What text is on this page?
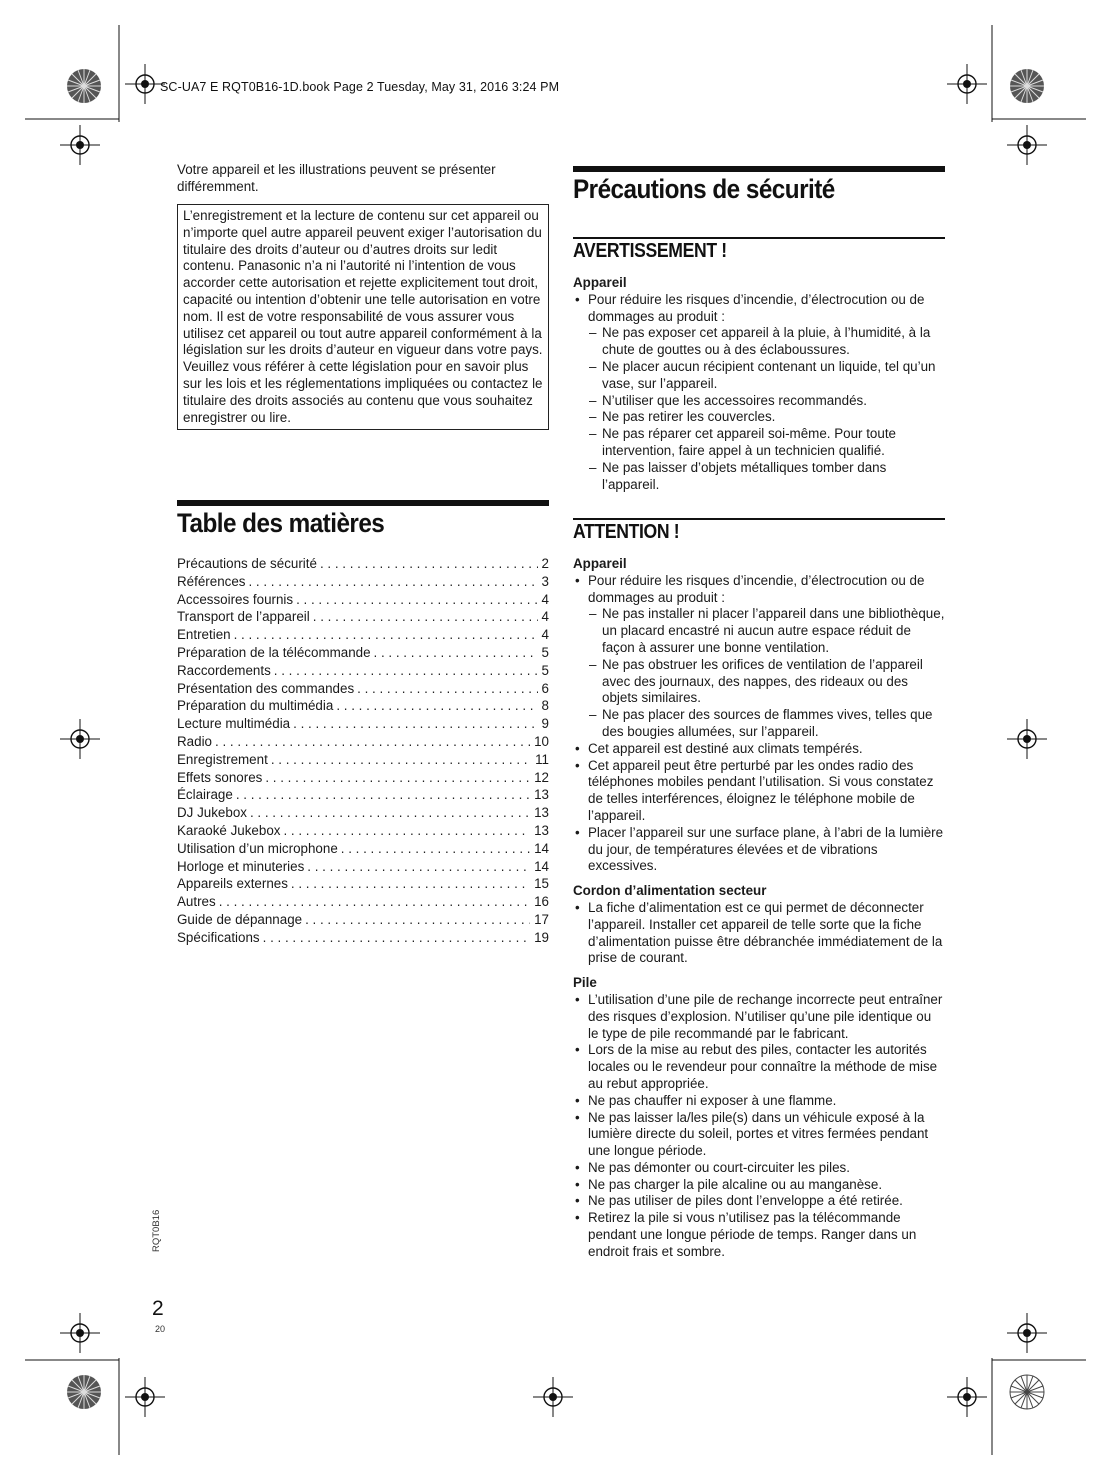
SC-UA7 E RQT0B16-1D.book Page 2 Tuesday, May 31, 2016 3:24 PM
Votre appareil et les illustrations peuvent se présenter différemment.
L’enregistrement et la lecture de contenu sur cet appareil ou n’importe quel autre appareil peuvent exiger l’autorisation du titulaire des droits d’auteur ou d’autres droits sur ledit contenu. Panasonic n’a ni l’autorité ni l’intention de vous accorder cette autorisation et rejette explicitement tout droit, capacité ou intention d’obtenir une telle autorisation en votre nom. Il est de votre responsabilité de vous assurer vous utilisez cet appareil ou tout autre appareil conformément à la législation sur les droits d’auteur en vigueur dans votre pays. Veuillez vous référer à cette législation pour en savoir plus sur les lois et les réglementations impliquées ou contactez le titulaire des droits associés au contenu que vous souhaitez enregistrer ou lire.
Table des matières
Précautions de sécurité . . .	2
Références . . .	3
Accessoires fournis . . .	4
Transport de l’appareil . . .	4
Entretien . . .	4
Préparation de la télécommande . . .	5
Raccordements . . .	5
Présentation des commandes . . .	6
Préparation du multimédia . . .	8
Lecture multimédia . . .	9
Radio . . .	10
Enregistrement . . .	11
Effets sonores . . .	12
Éclairage . . .	13
DJ Jukebox . . .	13
Karaoké Jukebox . . .	13
Utilisation d’un microphone . . .	14
Horloge et minuteries . . .	14
Appareils externes . . .	15
Autres . . .	16
Guide de dépannage . . .	17
Spécifications . . .	19
Précautions de sécurité
AVERTISSEMENT !
Appareil
• Pour réduire les risques d’incendie, d’électrocution ou de dommages au produit :
– Ne pas exposer cet appareil à la pluie, à l’humidité, à la chute de gouttes ou à des éclaboussures.
– Ne placer aucun récipient contenant un liquide, tel qu’un vase, sur l’appareil.
– N’utiliser que les accessoires recommandés.
– Ne pas retirer les couvercles.
– Ne pas réparer cet appareil soi-même. Pour toute intervention, faire appel à un technicien qualifié.
– Ne pas laisser d’objets métalliques tomber dans l’appareil.
ATTENTION !
Appareil
• Pour réduire les risques d’incendie, d’électrocution ou de dommages au produit :
– Ne pas installer ni placer l’appareil dans une bibliothèque, un placard encastré ni aucun autre espace réduit de façon à assurer une bonne ventilation.
– Ne pas obstruer les orifices de ventilation de l’appareil avec des journaux, des nappes, des rideaux ou des objets similaires.
– Ne pas placer des sources de flammes vives, telles que des bougies allumées, sur l’appareil.
• Cet appareil est destiné aux climats tempérés.
• Cet appareil peut être perturbé par les ondes radio des téléphones mobiles pendant l’utilisation. Si vous constatez de telles interférences, éloignez le téléphone mobile de l’appareil.
• Placer l’appareil sur une surface plane, à l’abri de la lumière du jour, de températures élevées et de vibrations excessives.
Cordon d’alimentation secteur
• La fiche d’alimentation est ce qui permet de déconnecter l’appareil. Installer cet appareil de telle sorte que la fiche d’alimentation puisse être débranchée immédiatement de la prise de courant.
Pile
• L’utilisation d’une pile de rechange incorrecte peut entraîner des risques d’explosion. N’utiliser qu’une pile identique ou le type de pile recommandé par le fabricant.
• Lors de la mise au rebut des piles, contacter les autorités locales ou le revendeur pour connaître la méthode de mise au rebut appropriée.
• Ne pas chauffer ni exposer à une flamme.
• Ne pas laisser la/les pile(s) dans un véhicule exposé à la lumière directe du soleil, portes et vitres fermées pendant une longue période.
• Ne pas démonter ou court-circuiter les piles.
• Ne pas charger la pile alcaline ou au manganèse.
• Ne pas utiliser de piles dont l’enveloppe a été retirée.
• Retirez la pile si vous n’utilisez pas la télécommande pendant une longue période de temps. Ranger dans un endroit frais et sombre.
RQT0B16
2
20
